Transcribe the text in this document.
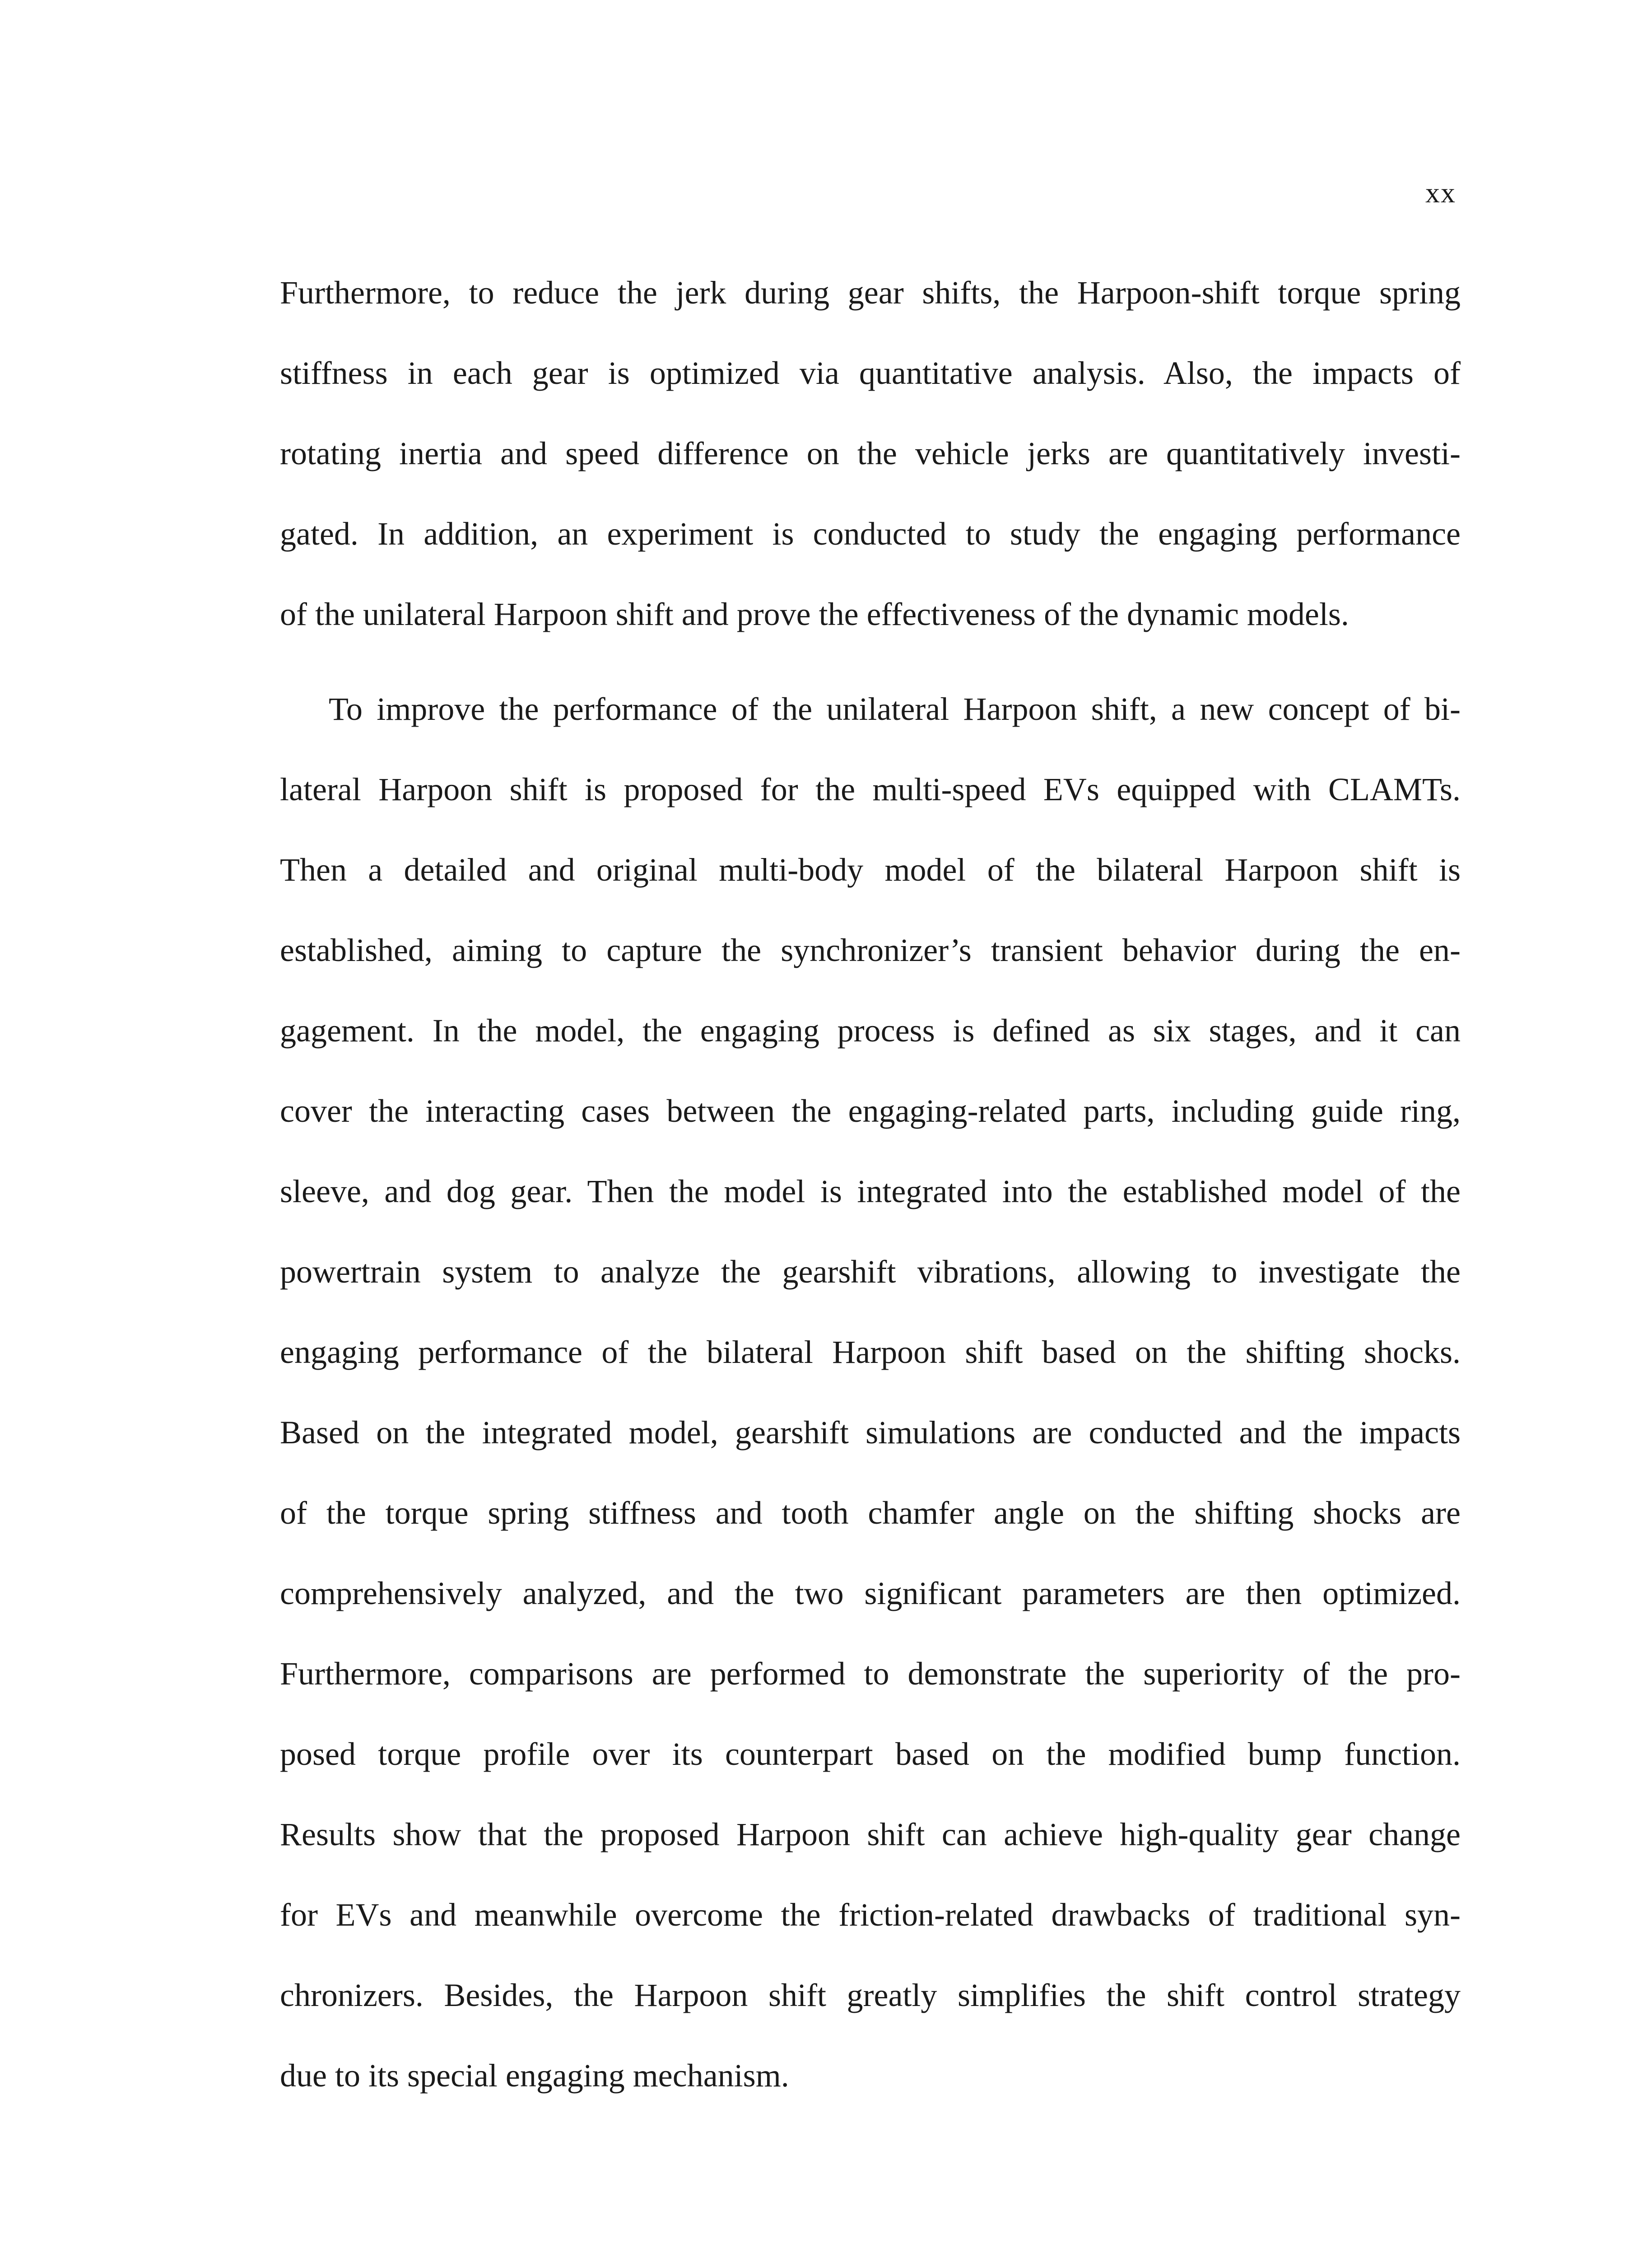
xx
Furthermore, to reduce the jerk during gear shifts, the Harpoon-shift torque spring
stiffness in each gear is optimized via quantitative analysis. Also, the impacts of
rotating inertia and speed difference on the vehicle jerks are quantitatively investi-
gated. In addition, an experiment is conducted to study the engaging performance
of the unilateral Harpoon shift and prove the effectiveness of the dynamic models.
To improve the performance of the unilateral Harpoon shift, a new concept of bi-
lateral Harpoon shift is proposed for the multi-speed EVs equipped with CLAMTs.
Then a detailed and original multi-body model of the bilateral Harpoon shift is
established, aiming to capture the synchronizer’s transient behavior during the en-
gagement. In the model, the engaging process is defined as six stages, and it can
cover the interacting cases between the engaging-related parts, including guide ring,
sleeve, and dog gear. Then the model is integrated into the established model of the
powertrain system to analyze the gearshift vibrations, allowing to investigate the
engaging performance of the bilateral Harpoon shift based on the shifting shocks.
Based on the integrated model, gearshift simulations are conducted and the impacts
of the torque spring stiffness and tooth chamfer angle on the shifting shocks are
comprehensively analyzed, and the two significant parameters are then optimized.
Furthermore, comparisons are performed to demonstrate the superiority of the pro-
posed torque profile over its counterpart based on the modified bump function.
Results show that the proposed Harpoon shift can achieve high-quality gear change
for EVs and meanwhile overcome the friction-related drawbacks of traditional syn-
chronizers. Besides, the Harpoon shift greatly simplifies the shift control strategy
due to its special engaging mechanism.
